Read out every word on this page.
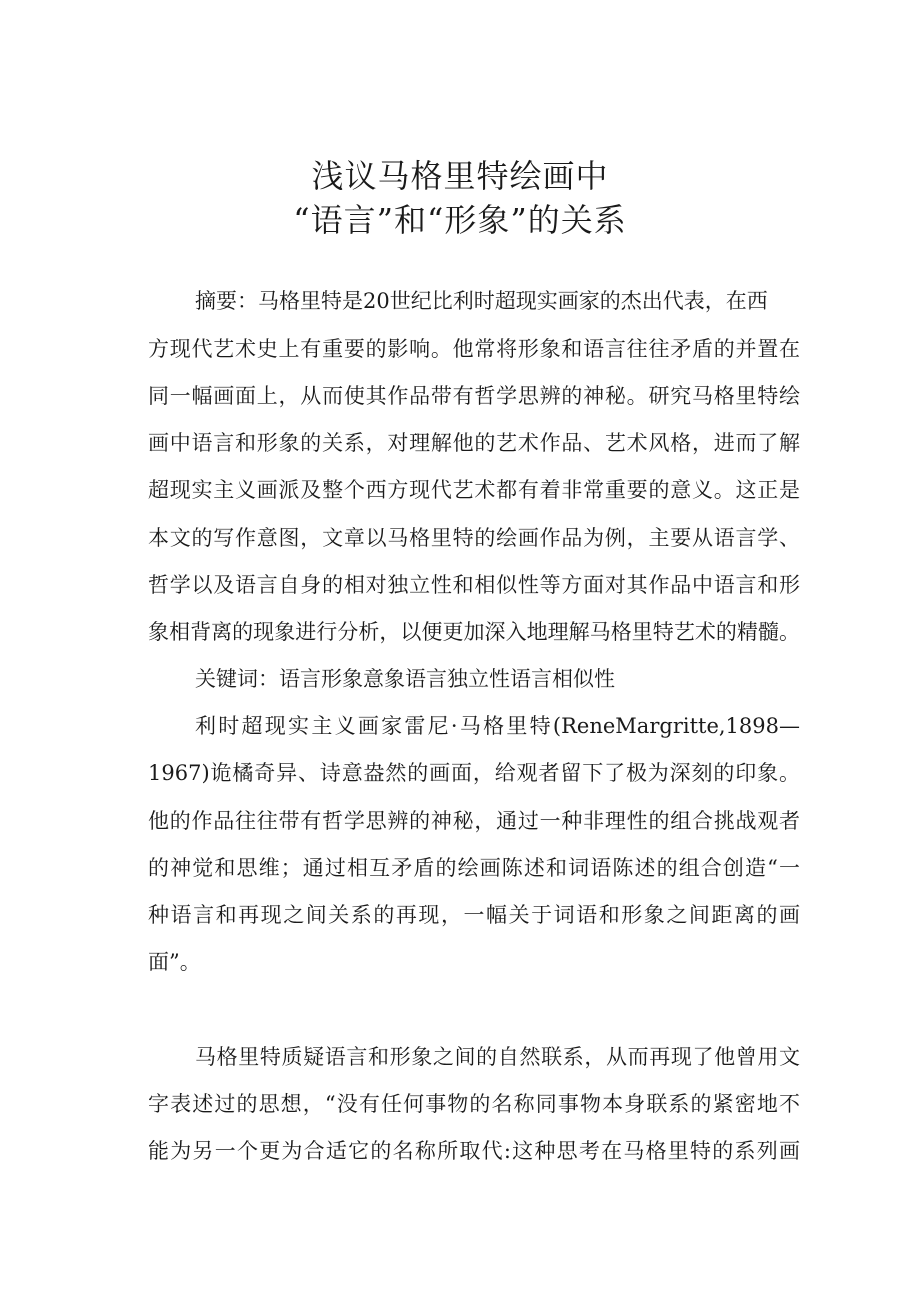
浅议马格里特绘画中
“语言”和“形象”的关系

摘要：马格里特是20世纪比利时超现实画家的杰出代表，在西

方现代艺术史上有重要的影响。他常将形象和语言往往矛盾的并置在

同一幅画面上，从而使其作品带有哲学思辨的神秘。研究马格里特绘

画中语言和形象的关系，对理解他的艺术作品、艺术风格，进而了解

超现实主义画派及整个西方现代艺术都有着非常重要的意义。这正是

本文的写作意图，文章以马格里特的绘画作品为例，主要从语言学、

哲学以及语言自身的相对独立性和相似性等方面对其作品中语言和形

象相背离的现象进行分析，以便更加深入地理解马格里特艺术的精髓。

关键词：语言形象意象语言独立性语言相似性

利时超现实主义画家雷尼·马格里特(ReneMargritte,1898—

1967)诡橘奇异、诗意盎然的画面，给观者留下了极为深刻的印象。

他的作品往往带有哲学思辨的神秘，通过一种非理性的组合挑战观者

的神觉和思维；通过相互矛盾的绘画陈述和词语陈述的组合创造“一

种语言和再现之间关系的再现，一幅关于词语和形象之间距离的画

面”。

马格里特质疑语言和形象之间的自然联系，从而再现了他曾用文

字表述过的思想，“没有任何事物的名称同事物本身联系的紧密地不

能为另一个更为合适它的名称所取代:这种思考在马格里特的系列画
